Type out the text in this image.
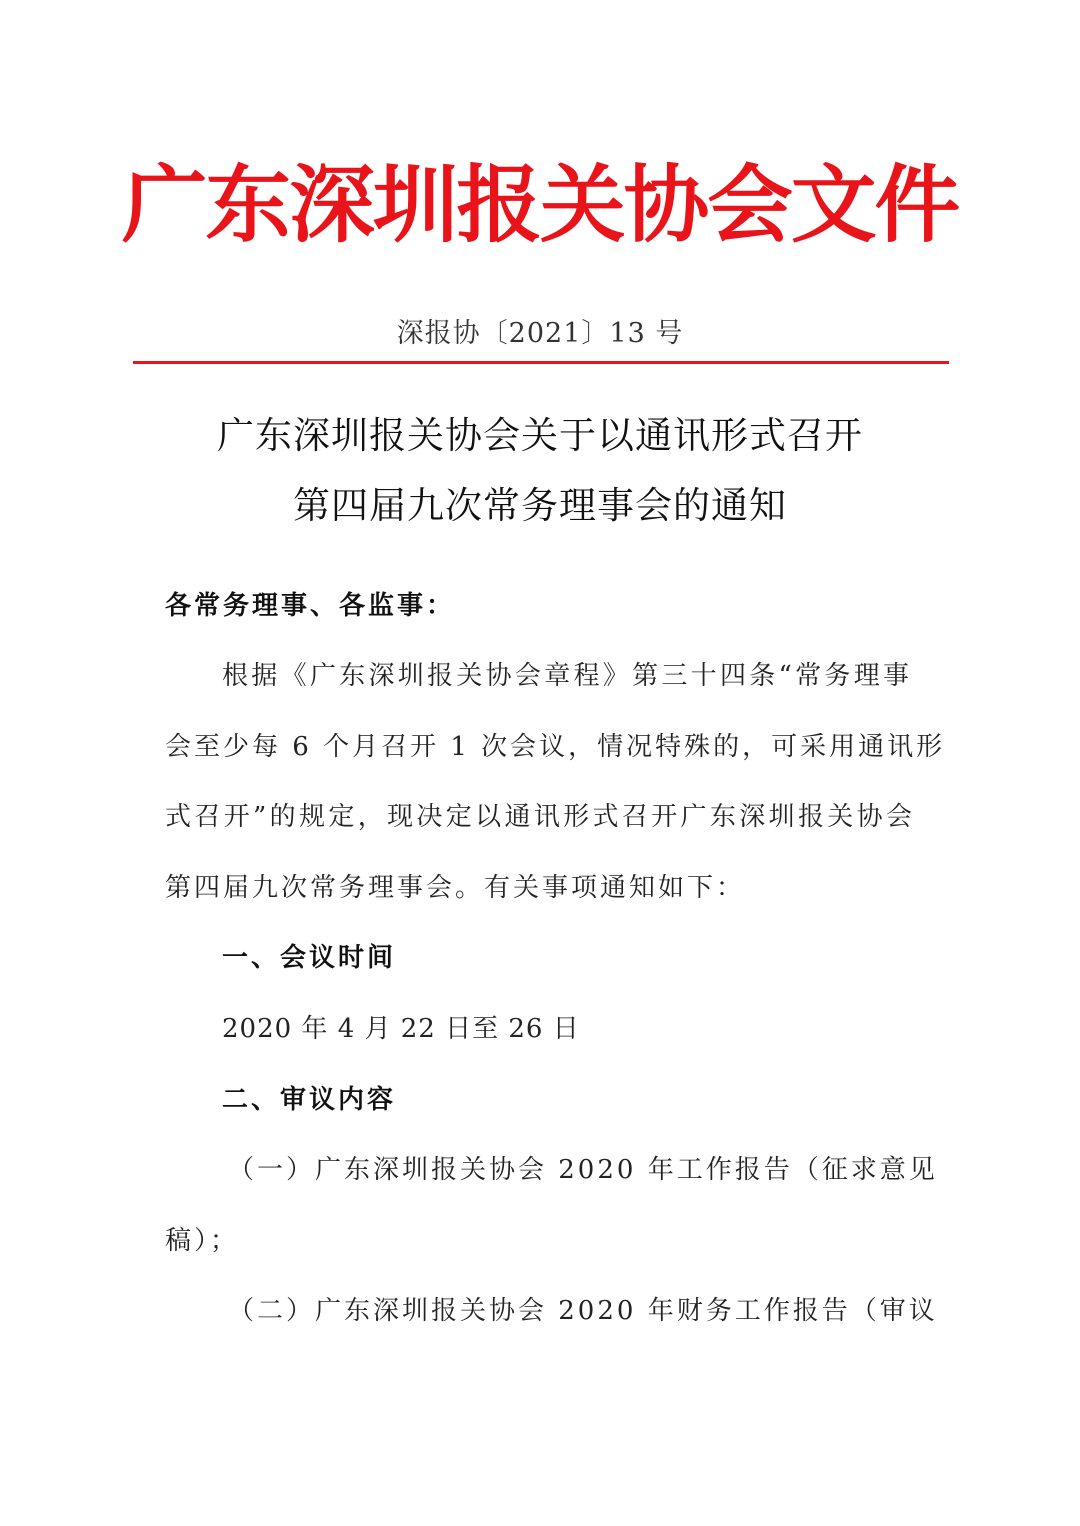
广东深圳报关协会文件
深报协〔2021〕13 号
广东深圳报关协会关于以通讯形式召开
第四届九次常务理事会的通知
各常务理事、各监事：
根据《广东深圳报关协会章程》第三十四条“常务理事
会至少每 6 个月召开 1 次会议，情况特殊的，可采用通讯形
式召开”的规定，现决定以通讯形式召开广东深圳报关协会
第四届九次常务理事会。有关事项通知如下：
一、会议时间
2020 年 4 月 22 日至 26 日
二、审议内容
（一）广东深圳报关协会 2020 年工作报告（征求意见
稿）；
（二）广东深圳报关协会 2020 年财务工作报告（审议
